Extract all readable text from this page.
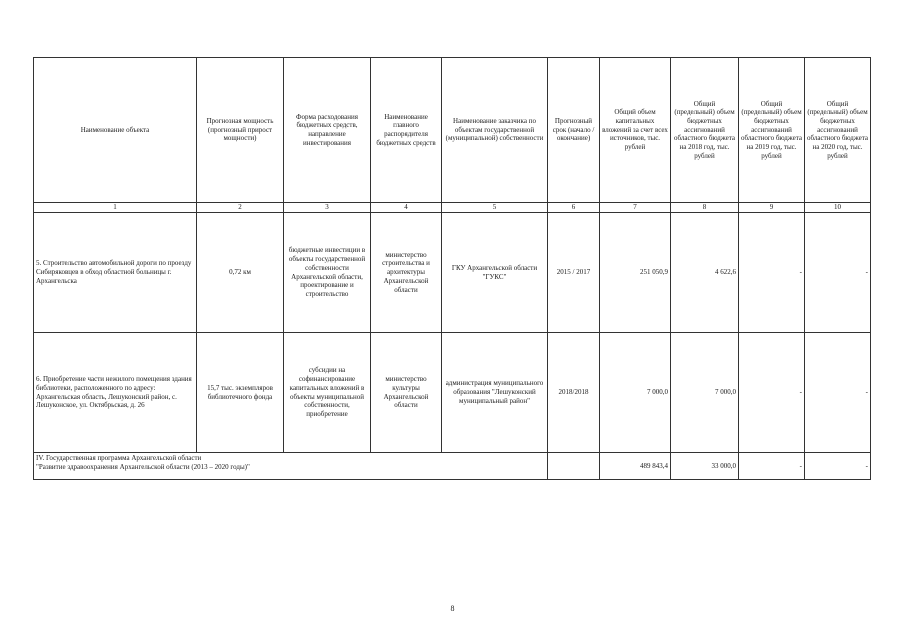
Наименование объекта	Прогнозная мощность (прогнозный прирост мощности)	Форма расходования бюджетных средств, направление инвестирования	Наименование главного распорядителя бюджетных средств	Наименование заказчика по объектам государственной (муниципальной) собственности	Прогнозный срок (начало / окончание)	Общий объем капитальных вложений за счет всех источников, тыс. рублей	Общий (предельный) объем бюджетных ассигнований областного бюджета на 2018 год, тыс. рублей	Общий (предельный) объем бюджетных ассигнований областного бюджета на 2019 год, тыс. рублей	Общий (предельный) объем бюджетных ассигнований областного бюджета на 2020 год, тыс. рублей
1	2	3	4	5	6	7	8	9	10
5. Строительство автомобильной дороги по проезду Сибиряковцев в обход областной больницы г. Архангельска	0,72 км	бюджетные инвестиции в объекты государственной собственности Архангельской области, проектирование и строительство	министерство строительства и архитектуры Архангельской области	ГКУ Архангельской области "ГУКС"	2015 / 2017	251 050,9	4 622,6	-	-
6. Приобретение части нежилого помещения здания библиотеки, расположенного по адресу: Архангельская область, Лешуконский район, с. Лешуконское, ул. Октябрьская, д. 26	15,7 тыс. экземпляров библиотечного фонда	субсидии на софинансирование капитальных вложений в объекты муниципальной собственности, приобретение	министерство культуры Архангельской области	администрация муниципального образования "Лешуконский муниципальный район"	2018/2018	7 000,0	7 000,0	-	-

IV. Государственная программа Архангельской области
"Развитие здравоохранения Архангельской области (2013 – 2020 годы)"						489 843,4	33 000,0	-	-
8
